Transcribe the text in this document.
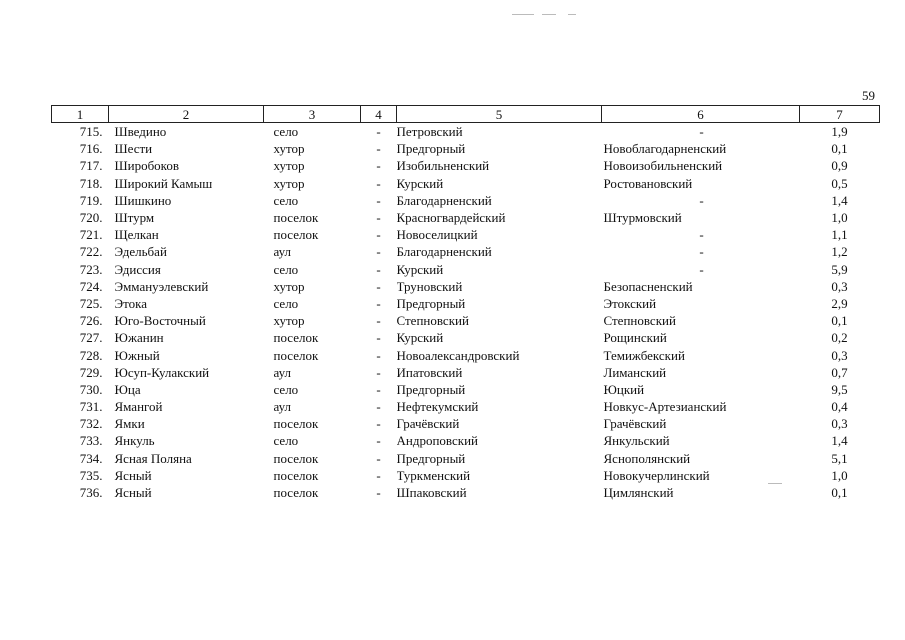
59
1	2	3	4	5	6	7
715.	Шведино	село	-	Петровский	-	1,9
716.	Шести	хутор	-	Предгорный	Новоблагодарненский	0,1
717.	Широбоков	хутор	-	Изобильненский	Новоизобильненский	0,9
718.	Широкий Камыш	хутор	-	Курский	Ростовановский	0,5
719.	Шишкино	село	-	Благодарненский	-	1,4
720.	Штурм	поселок	-	Красногвардейский	Штурмовский	1,0
721.	Щелкан	поселок	-	Новоселицкий	-	1,1
722.	Эдельбай	аул	-	Благодарненский	-	1,2
723.	Эдиссия	село	-	Курский	-	5,9
724.	Эммануэлевский	хутор	-	Труновский	Безопасненский	0,3
725.	Этока	село	-	Предгорный	Этокский	2,9
726.	Юго-Восточный	хутор	-	Степновский	Степновский	0,1
727.	Южанин	поселок	-	Курский	Рощинский	0,2
728.	Южный	поселок	-	Новоалександровский	Темижбекский	0,3
729.	Юсуп-Кулакский	аул	-	Ипатовский	Лиманский	0,7
730.	Юца	село	-	Предгорный	Юцкий	9,5
731.	Ямангой	аул	-	Нефтекумский	Новкус-Артезианский	0,4
732.	Ямки	поселок	-	Грачёвский	Грачёвский	0,3
733.	Янкуль	село	-	Андроповский	Янкульский	1,4
734.	Ясная Поляна	поселок	-	Предгорный	Яснополянский	5,1
735.	Ясный	поселок	-	Туркменский	Новокучерлинский	1,0
736.	Ясный	поселок	-	Шпаковский	Цимлянский	0,1
